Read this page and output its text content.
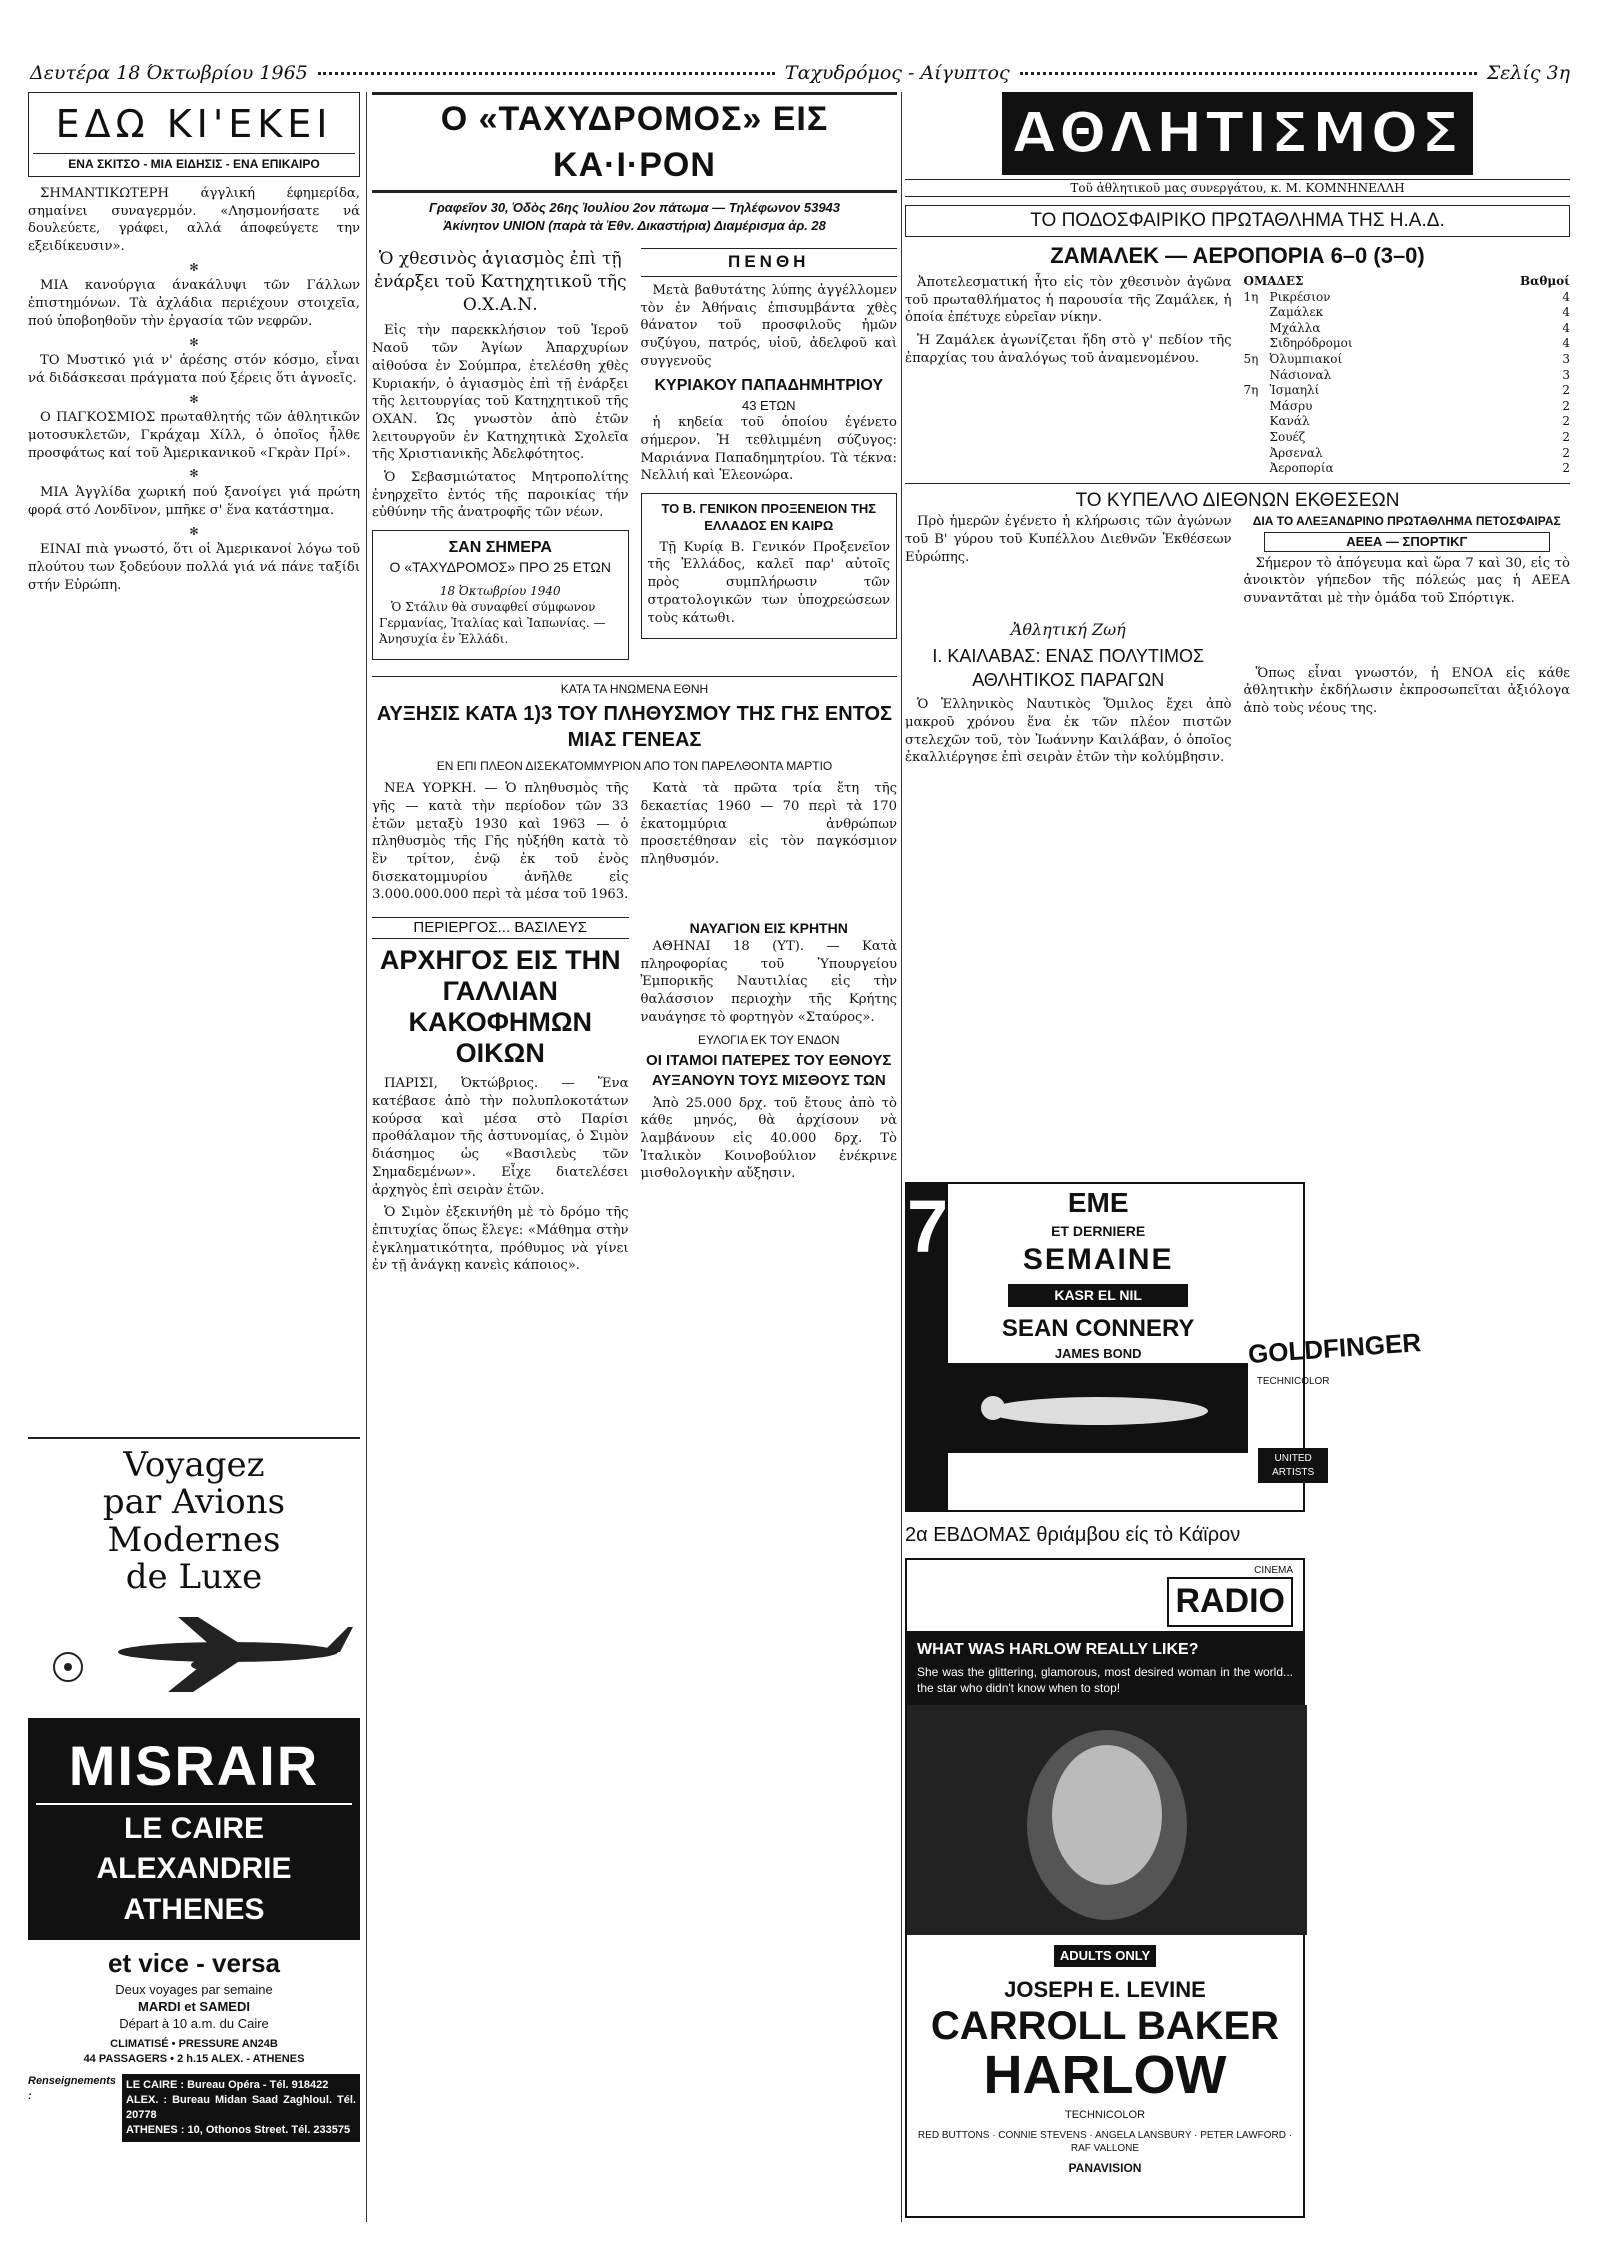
Δευτέρα 18 Όκτωβρίου 1965	Ταχυδρόμος - Αίγυπτος	Σελίς 3η
ΕΔΩ ΚΙ'ΕΚΕΙ
ΕΝΑ ΣΚΙΤΣΟ - ΜΙΑ ΕΙΔΗΣΙΣ - ΕΝΑ ΕΠΙΚΑΙΡΟ

ΣΗΜΑΝΤΙΚΩΤΕΡΗ άγγλική έφημερίδα, σημαίνει συναγερμόν. «Λησμονήσατε νά δουλεύετε, γράφει, αλλά άποφεύγετε την εξειδίκευσιν».

✻

ΜΙΑ κανούργια άνακάλυψι τῶν Γάλλων ἐπιστημόνων. Τὰ ἀχλάδια περιέχουν στοιχεῖα, πού ὑποβοηθοῦν τὴν ἐργασία τῶν νεφρῶν.

✻

ΤΟ Μυστικό γιά ν' ἀρέσης στόν κόσμο, εἶναι νά διδάσκεσαι πράγματα πού ξέρεις ὅτι ἀγνοεῖς.

✻

Ο ΠΑΓΚΟΣΜΙΟΣ πρωταθλητής τῶν ἀθλητικῶν μοτοσυκλετῶν, Γκράχαμ Χίλλ, ὁ ὁποῖος ἦλθε προσφάτως καί τοῦ Ἀμερικανικοῦ «Γκρὰν Πρί».

✻

ΜΙΑ Ἀγγλίδα χωρική πού ξανοίγει γιά πρώτη φορά στό Λονδῖνον, μπῆκε σ' ἕνα κατάστημα.

✻

ΕΙΝΑΙ πιὰ γνωστό, ὅτι οἱ Ἀμερικανοί λόγω τοῦ πλούτου των ξοδεύουν πολλά γιά νά πάνε ταξίδι στήν Εὐρώπη.

Voyagez
par Avions Modernes
de Luxe
MISRAIR
LE CAIRE
ALEXANDRIE
ATHENES
et vice - versa
Deux voyages par semaine
MARDI et SAMEDI
Départ à 10 a.m. du Caire
CLIMATISÉ • PRESSURE AN24B
44 PASSAGERS • 2 h.15 ALEX. - ATHENES
Renseignements :
LE CAIRE : Bureau Opéra - Tél. 918422
ALEX. : Bureau Midan Saad Zaghloul. Tél. 20778
ATHENES : 10, Othonos Street. Tél. 233575
Ο «ΤΑΧΥΔΡΟΜΟΣ» ΕΙΣ ΚΑ·Ι·ΡΟΝ
Γραφεῖον 30, Ὁδὸς 26ης Ἰουλίου 2ον πάτωμα — Τηλέφωνον 53943
Ἀκίνητον UNION (παρὰ τὰ Ἐθν. Δικαστήρια) Διαμέρισμα ἀρ. 28
Ὁ χθεσινὸς ἁγιασμὸς ἐπὶ τῇ ἐνάρξει τοῦ Κατηχητικοῦ τῆς Ο.Χ.Α.Ν.

Εἰς τὴν παρεκκλήσιον τοῦ Ἱεροῦ Ναοῦ τῶν Ἁγίων Ἀπαρχυρίων αἰθούσα ἐν Σούμπρα, ἐτελέσθη χθὲς Κυριακήν, ὁ ἁγιασμὸς ἐπὶ τῇ ἐνάρξει τῆς λειτουργίας τοῦ Κατηχητικοῦ τῆς ΟΧΑΝ. Ὡς γνωστὸν ἀπὸ ἐτῶν λειτουργοῦν ἐν Κατηχητικὰ Σχολεῖα τῆς Χριστιανικῆς Ἀδελφότητος.

Ὁ Σεβασμιώτατος Μητροπολίτης ἐνηρχεῖτο ἐντός τῆς παροικίας τήν εὐθύνην τῆς ἀνατροφῆς τῶν νέων.

ΣΑΝ ΣΗΜΕΡΑ
Ο «ΤΑΧΥΔΡΟΜΟΣ» ΠΡΟ 25 ΕΤΩΝ
18 Ὀκτωβρίου 1940

Ὁ Στάλιν θὰ συναφθεί σύμφωνον Γερμανίας, Ἰταλίας καὶ Ἰαπωνίας. — Ἀνησυχία ἐν Ἑλλάδι.

ΠΕΝΘΗ

Μετὰ βαθυτάτης λύπης ἀγγέλλομεν τὸν ἐν Ἀθήναις ἐπισυμβάντα χθὲς θάνατον τοῦ προσφιλοῦς ἡμῶν συζύγου, πατρός, υἱοῦ, ἀδελφοῦ καὶ συγγενοῦς

ΚΥΡΙΑΚΟΥ ΠΑΠΑΔΗΜΗΤΡΙΟΥ
43 ΕΤΩΝ

ἡ κηδεία τοῦ ὁποίου ἐγένετο σήμερον. Ἡ τεθλιμμένη σύζυγος: Μαριάννα Παπαδημητρίου. Τὰ τέκνα: Νελλιή καὶ Ἐλεονώρα.

ΤΟ Β. ΓΕΝΙΚΟΝ ΠΡΟΞΕΝΕΙΟΝ ΤΗΣ ΕΛΛΑΔΟΣ ΕΝ ΚΑΙΡΩ

Τῇ Κυρίᾳ Β. Γενικόν Προξενεῖον τῆς Ἑλλάδος, καλεῖ παρ' αὐτοῖς πρὸς συμπλήρωσιν τῶν στρατολογικῶν των ὑποχρεώσεων τοὺς κάτωθι.

ΚΑΤΑ ΤΑ ΗΝΩΜΕΝΑ ΕΘΝΗ
ΑΥΞΗΣΙΣ ΚΑΤΑ 1)3 ΤΟΥ ΠΛΗΘΥΣΜΟΥ ΤΗΣ ΓΗΣ ΕΝΤΟΣ ΜΙΑΣ ΓΕΝΕΑΣ
ΕΝ ΕΠΙ ΠΛΕΟΝ ΔΙΣΕΚΑΤΟΜΜΥΡΙΟΝ ΑΠΟ ΤΟΝ ΠΑΡΕΛΘΟΝΤΑ ΜΑΡΤΙΟ

ΝΕΑ ΥΟΡΚΗ. — Ὁ πληθυσμὸς τῆς γῆς — κατὰ τὴν περίοδον τῶν 33 ἐτῶν μεταξὺ 1930 καὶ 1963 — ὁ πληθυσμὸς τῆς Γῆς ηὐξήθη κατὰ τὸ ἓν τρίτον, ἐνῷ ἐκ τοῦ ἑνὸς δισεκατομμυρίου ἀνῆλθε εἰς 3.000.000.000 περὶ τὰ μέσα τοῦ 1963.

Κατὰ τὰ πρῶτα τρία ἔτη τῆς δεκαετίας 1960 — 70 περὶ τὰ 170 ἑκατομμύρια ἀνθρώπων προσετέθησαν εἰς τὸν παγκόσμιον πληθυσμόν.

ΠΕΡΙΕΡΓΟΣ... ΒΑΣΙΛΕΥΣ
ΑΡΧΗΓΟΣ ΕΙΣ ΤΗΝ ΓΑΛΛΙΑΝ ΚΑΚΟΦΗΜΩΝ ΟΙΚΩΝ

ΠΑΡΙΣΙ, Ὀκτώβριος. — Ἕνα κατέβασε ἀπὸ τὴν πολυπλοκοτάτων κούρσα καὶ μέσα στὸ Παρίσι προθάλαμον τῆς ἀστυνομίας, ὁ Σιμὸν διάσημος ὡς «Βασιλεὺς τῶν Σημαδεμένων». Εἶχε διατελέσει ἀρχηγὸς ἐπὶ σειρὰν ἐτῶν.

Ὁ Σιμὸν ἐξεκινήθη μὲ τὸ δρόμο τῆς ἐπιτυχίας ὅπως ἔλεγε: «Μάθημα στὴν ἐγκληματικότητα, πρόθυμος νὰ γίνει ἐν τῇ ἀνάγκῃ κανεὶς κάποιος».

ΝΑΥΑΓΙΟΝ ΕΙΣ ΚΡΗΤΗΝ

ΑΘΗΝΑΙ 18 (ΥΤ). — Κατὰ πληροφορίας τοῦ Ὑπουργείου Ἐμπορικῆς Ναυτιλίας εἰς τὴν θαλάσσιον περιοχὴν τῆς Κρήτης ναυάγησε τὸ φορτηγὸν «Σταύρος».

ΕΥΛΟΓΙΑ ΕΚ ΤΟΥ ΕΝΔΟΝ
ΟΙ ΙΤΑΜΟΙ ΠΑΤΕΡΕΣ ΤΟΥ ΕΘΝΟΥΣ ΑΥΞΑΝΟΥΝ ΤΟΥΣ ΜΙΣΘΟΥΣ ΤΩΝ

Ἀπὸ 25.000 δρχ. τοῦ ἔτους ἀπὸ τὸ κάθε μηνός, θὰ ἀρχίσουν νὰ λαμβάνουν εἰς 40.000 δρχ. Τὸ Ἰταλικὸν Κοινοβούλιον ἐνέκρινε μισθολογικὴν αὔξησιν.

ΑΘΛΗΤΙΣΜΟΣ
Τοῦ ἀθλητικοῦ μας συνεργάτου, κ. Μ. ΚΟΜΝΗΝΕΛΛΗ
ΤΟ ΠΟΔΟΣΦΑΙΡΙΚΟ ΠΡΩΤΑΘΛΗΜΑ ΤΗΣ Η.Α.Δ.
ΖΑΜΑΛΕΚ — ΑΕΡΟΠΟΡΙΑ 6–0 (3–0)

Ἀποτελεσματική ἦτο εἰς τὸν χθεσινὸν ἀγῶνα τοῦ πρωταθλήματος ἡ παρουσία τῆς Ζαμάλεκ, ἡ ὁποία ἐπέτυχε εὐρεῖαν νίκην.

Ἡ Ζαμάλεκ ἀγωνίζεται ἤδη στὸ γ' πεδίον τῆς ἐπαρχίας του ἀναλόγως τοῦ ἀναμενομένου.

ΟΜΑΔΕΣ	Βαθμοί
1η Ρικρέσιον	4
Ζαμάλεκ	4
Μχάλλα	4
Σιδηρόδρομοι	4
5η Ὀλυμπιακοί	3
Νάσιοναλ	3
7η Ἰσμαηλί	2
Μάσρυ	2
Κανάλ	2
Σουέζ	2
Ἀρσεναλ	2
Ἀεροπορία	2
ΤΟ ΚΥΠΕΛΛΟ ΔΙΕΘΝΩΝ ΕΚΘΕΣΕΩΝ

Πρὸ ἡμερῶν ἐγένετο ἡ κλήρωσις τῶν ἀγώνων τοῦ Β' γύρου τοῦ Κυπέλλου Διεθνῶν Ἐκθέσεων Εὐρώπης.

ΔΙΑ ΤΟ ΑΛΕΞΑΝΔΡΙΝΟ ΠΡΩΤΑΘΛΗΜΑ ΠΕΤΟΣΦΑΙΡΑΣ
ΑΕΕΑ — ΣΠΟΡΤΙΚΓ

Σήμερον τὸ ἀπόγευμα καὶ ὥρα 7 καὶ 30, εἰς τὸ ἀνοικτὸν γήπεδον τῆς πόλεώς μας ἡ ΑΕΕΑ συναντᾶται μὲ τὴν ὁμάδα τοῦ Σπόρτιγκ.

Ἀθλητική Ζωή
Ι. ΚΑΙΛΑΒΑΣ: ΕΝΑΣ ΠΟΛΥΤΙΜΟΣ ΑΘΛΗΤΙΚΟΣ ΠΑΡΑΓΩΝ

Ὁ Ἑλληνικὸς Ναυτικὸς Ὅμιλος ἔχει ἀπὸ μακροῦ χρόνου ἕνα ἐκ τῶν πλέον πιστῶν στελεχῶν τοῦ, τὸν Ἰωάννην Καιλάβαν, ὁ ὁποῖος ἐκαλλιέργησε ἐπὶ σειρὰν ἐτῶν τὴν κολύμβησιν.

Ὅπως εἶναι γνωστόν, ἡ ΕΝΟΑ εἰς κάθε ἀθλητικὴν ἐκδήλωσιν ἐκπροσωπεῖται ἀξιόλογα ἀπὸ τοὺς νέους της.

7	EME
ET DERNIERE
SEMAINE
KASR EL NIL
SEAN CONNERY
JAMES BOND	GOLDFINGER
TECHNICOLOR
UNITED ARTISTS
2α ΕΒΔΟΜΑΣ θριάμβου είς τὸ Κάϊρον
CINEMA
RADIO
WHAT WAS HARLOW REALLY LIKE?
She was the glittering, glamorous, most desired woman in the world... the star who didn't know when to stop!
ADULTS ONLY
JOSEPH E. LEVINE
CARROLL BAKER
HARLOW
TECHNICOLOR
RED BUTTONS · CONNIE STEVENS · ANGELA LANSBURY · PETER LAWFORD · RAF VALLONE
PANAVISION
